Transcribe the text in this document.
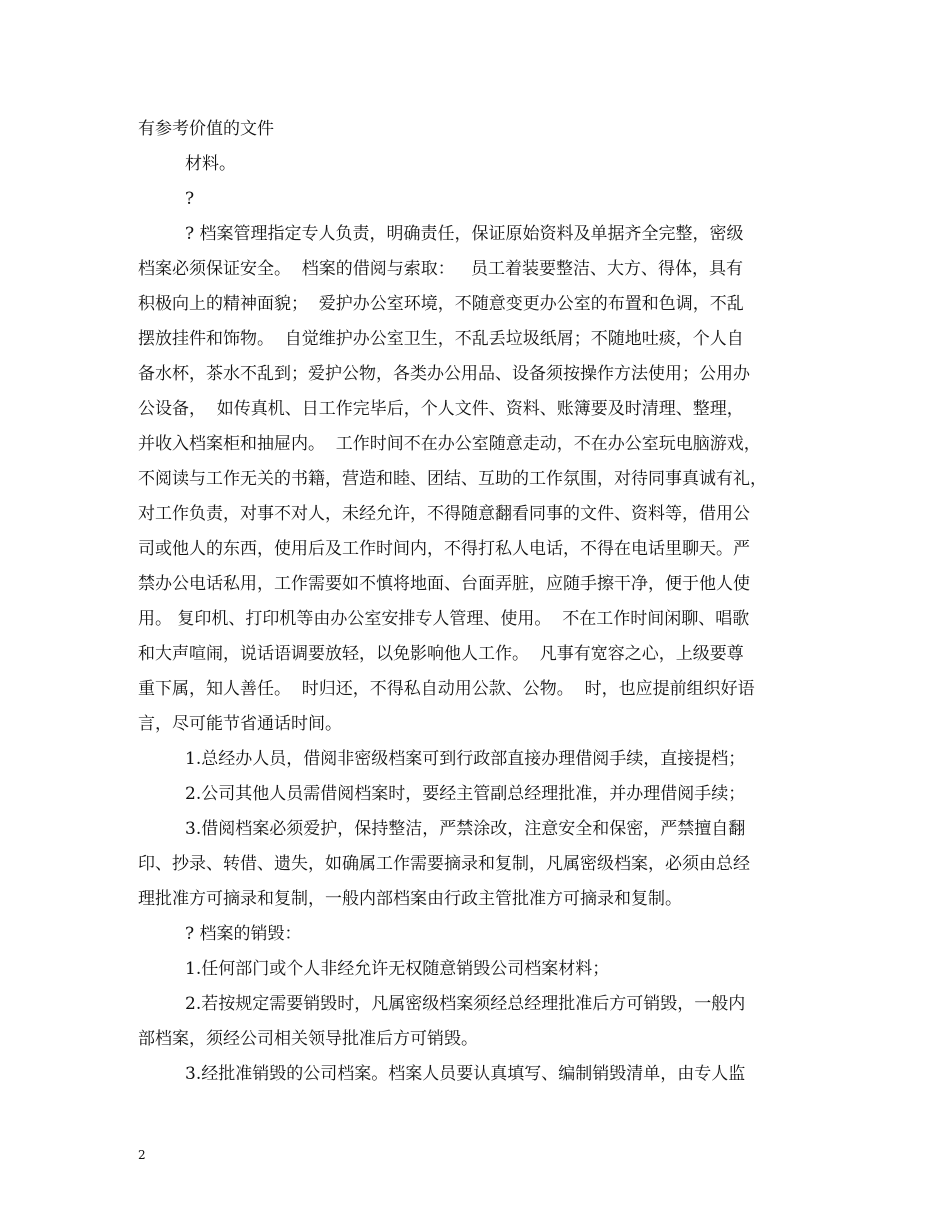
有参考价值的文件
材料。
?
? 档案管理指定专人负责，明确责任，保证原始资料及单据齐全完整，密级
档案必须保证安全。  档案的借阅与索取：   员工着装要整洁、大方、得体，具有
积极向上的精神面貌；  爱护办公室环境，不随意变更办公室的布置和色调，不乱
摆放挂件和饰物。  自觉维护办公室卫生，不乱丢垃圾纸屑；不随地吐痰，个人自
备水杯，茶水不乱到；爱护公物，各类办公用品、设备须按操作方法使用；公用办
公设备，  如传真机、日工作完毕后，个人文件、资料、账簿要及时清理、整理，
并收入档案柜和抽屉内。  工作时间不在办公室随意走动，不在办公室玩电脑游戏，
不阅读与工作无关的书籍，营造和睦、团结、互助的工作氛围，对待同事真诚有礼，
对工作负责，对事不对人，未经允许，不得随意翻看同事的文件、资料等，借用公
司或他人的东西，使用后及工作时间内，不得打私人电话，不得在电话里聊天。严
禁办公电话私用，工作需要如不慎将地面、台面弄脏，应随手擦干净，便于他人使
用。 复印机、打印机等由办公室安排专人管理、使用。  不在工作时间闲聊、唱歌
和大声喧闹，说话语调要放轻，以免影响他人工作。  凡事有宽容之心，上级要尊
重下属，知人善任。  时归还，不得私自动用公款、公物。  时，也应提前组织好语
言，尽可能节省通话时间。
1.总经办人员，借阅非密级档案可到行政部直接办理借阅手续，直接提档；
2.公司其他人员需借阅档案时，要经主管副总经理批准，并办理借阅手续；
3.借阅档案必须爱护，保持整洁，严禁涂改，注意安全和保密，严禁擅自翻
印、抄录、转借、遗失，如确属工作需要摘录和复制，凡属密级档案，必须由总经
理批准方可摘录和复制，一般内部档案由行政主管批准方可摘录和复制。
? 档案的销毁：
1.任何部门或个人非经允许无权随意销毁公司档案材料；
2.若按规定需要销毁时，凡属密级档案须经总经理批准后方可销毁，一般内
部档案，须经公司相关领导批准后方可销毁。
3.经批准销毁的公司档案。档案人员要认真填写、编制销毁清单，由专人监
2
